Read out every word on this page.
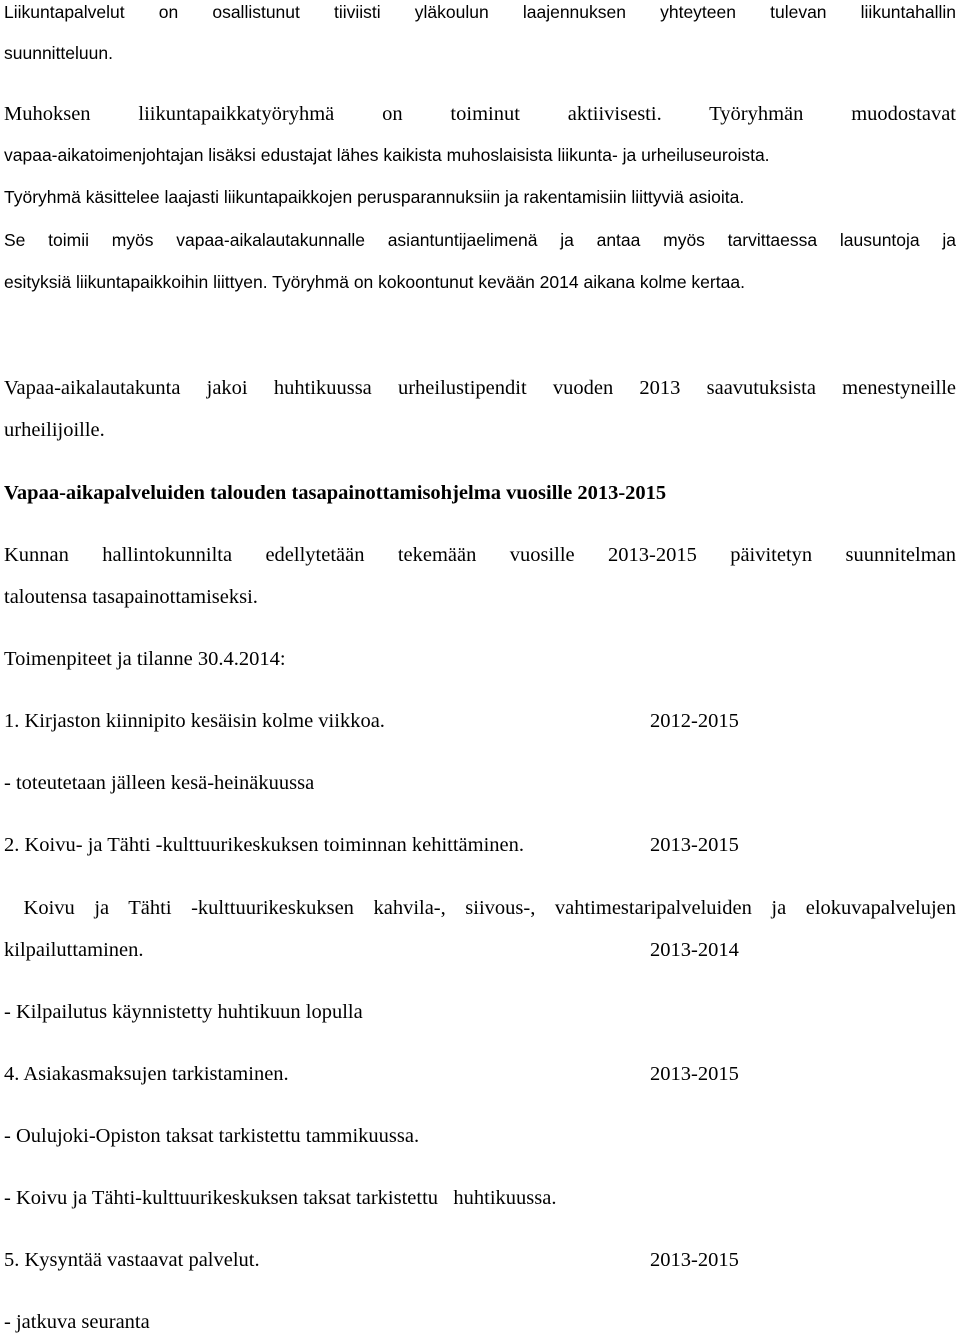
Liikuntapalvelut on osallistunut tiiviisti yläkoulun laajennuksen yhteyteen tulevan liikuntahallin
suunnitteluun.
Muhoksen liikuntapaikkatyöryhmä on toiminut aktiivisesti. Työryhmän muodostavat
vapaa-aikatoimenjohtajan lisäksi edustajat lähes kaikista muhoslaisista liikunta- ja urheiluseuroista.
Työryhmä käsittelee laajasti liikuntapaikkojen perusparannuksiin ja rakentamisiin liittyviä asioita.
Se toimii myös vapaa-aikalautakunnalle asiantuntijaelimenä ja antaa myös tarvittaessa lausuntoja ja
esityksiä liikuntapaikkoihin liittyen. Työryhmä on kokoontunut kevään 2014 aikana kolme kertaa.
Vapaa-aikalautakunta jakoi huhtikuussa urheilustipendit vuoden 2013 saavutuksista menestyneille
urheilijoille.
Vapaa-aikapalveluiden talouden tasapainottamisohjelma vuosille 2013-2015
Kunnan hallintokunnilta edellytetään tekemään vuosille 2013-2015 päivitetyn suunnitelman
taloutensa tasapainottamiseksi.
Toimenpiteet ja tilanne 30.4.2014:
1. Kirjaston kiinnipito kesäisin kolme viikkoa.	2012-2015
- toteutetaan jälleen kesä-heinäkuussa
2. Koivu- ja Tähti -kulttuurikeskuksen toiminnan kehittäminen.	2013-2015
Koivu ja Tähti -kulttuurikeskuksen kahvila-, siivous-, vahtimestaripalveluiden ja elokuvapalvelujen
kilpailuttaminen.	2013-2014
- Kilpailutus käynnistetty huhtikuun lopulla
4. Asiakasmaksujen tarkistaminen.	2013-2015
- Oulujoki-Opiston taksat tarkistettu tammikuussa.
- Koivu ja Tähti-kulttuurikeskuksen taksat tarkistettu   huhtikuussa.
5. Kysyntää vastaavat palvelut.	2013-2015
- jatkuva seuranta
